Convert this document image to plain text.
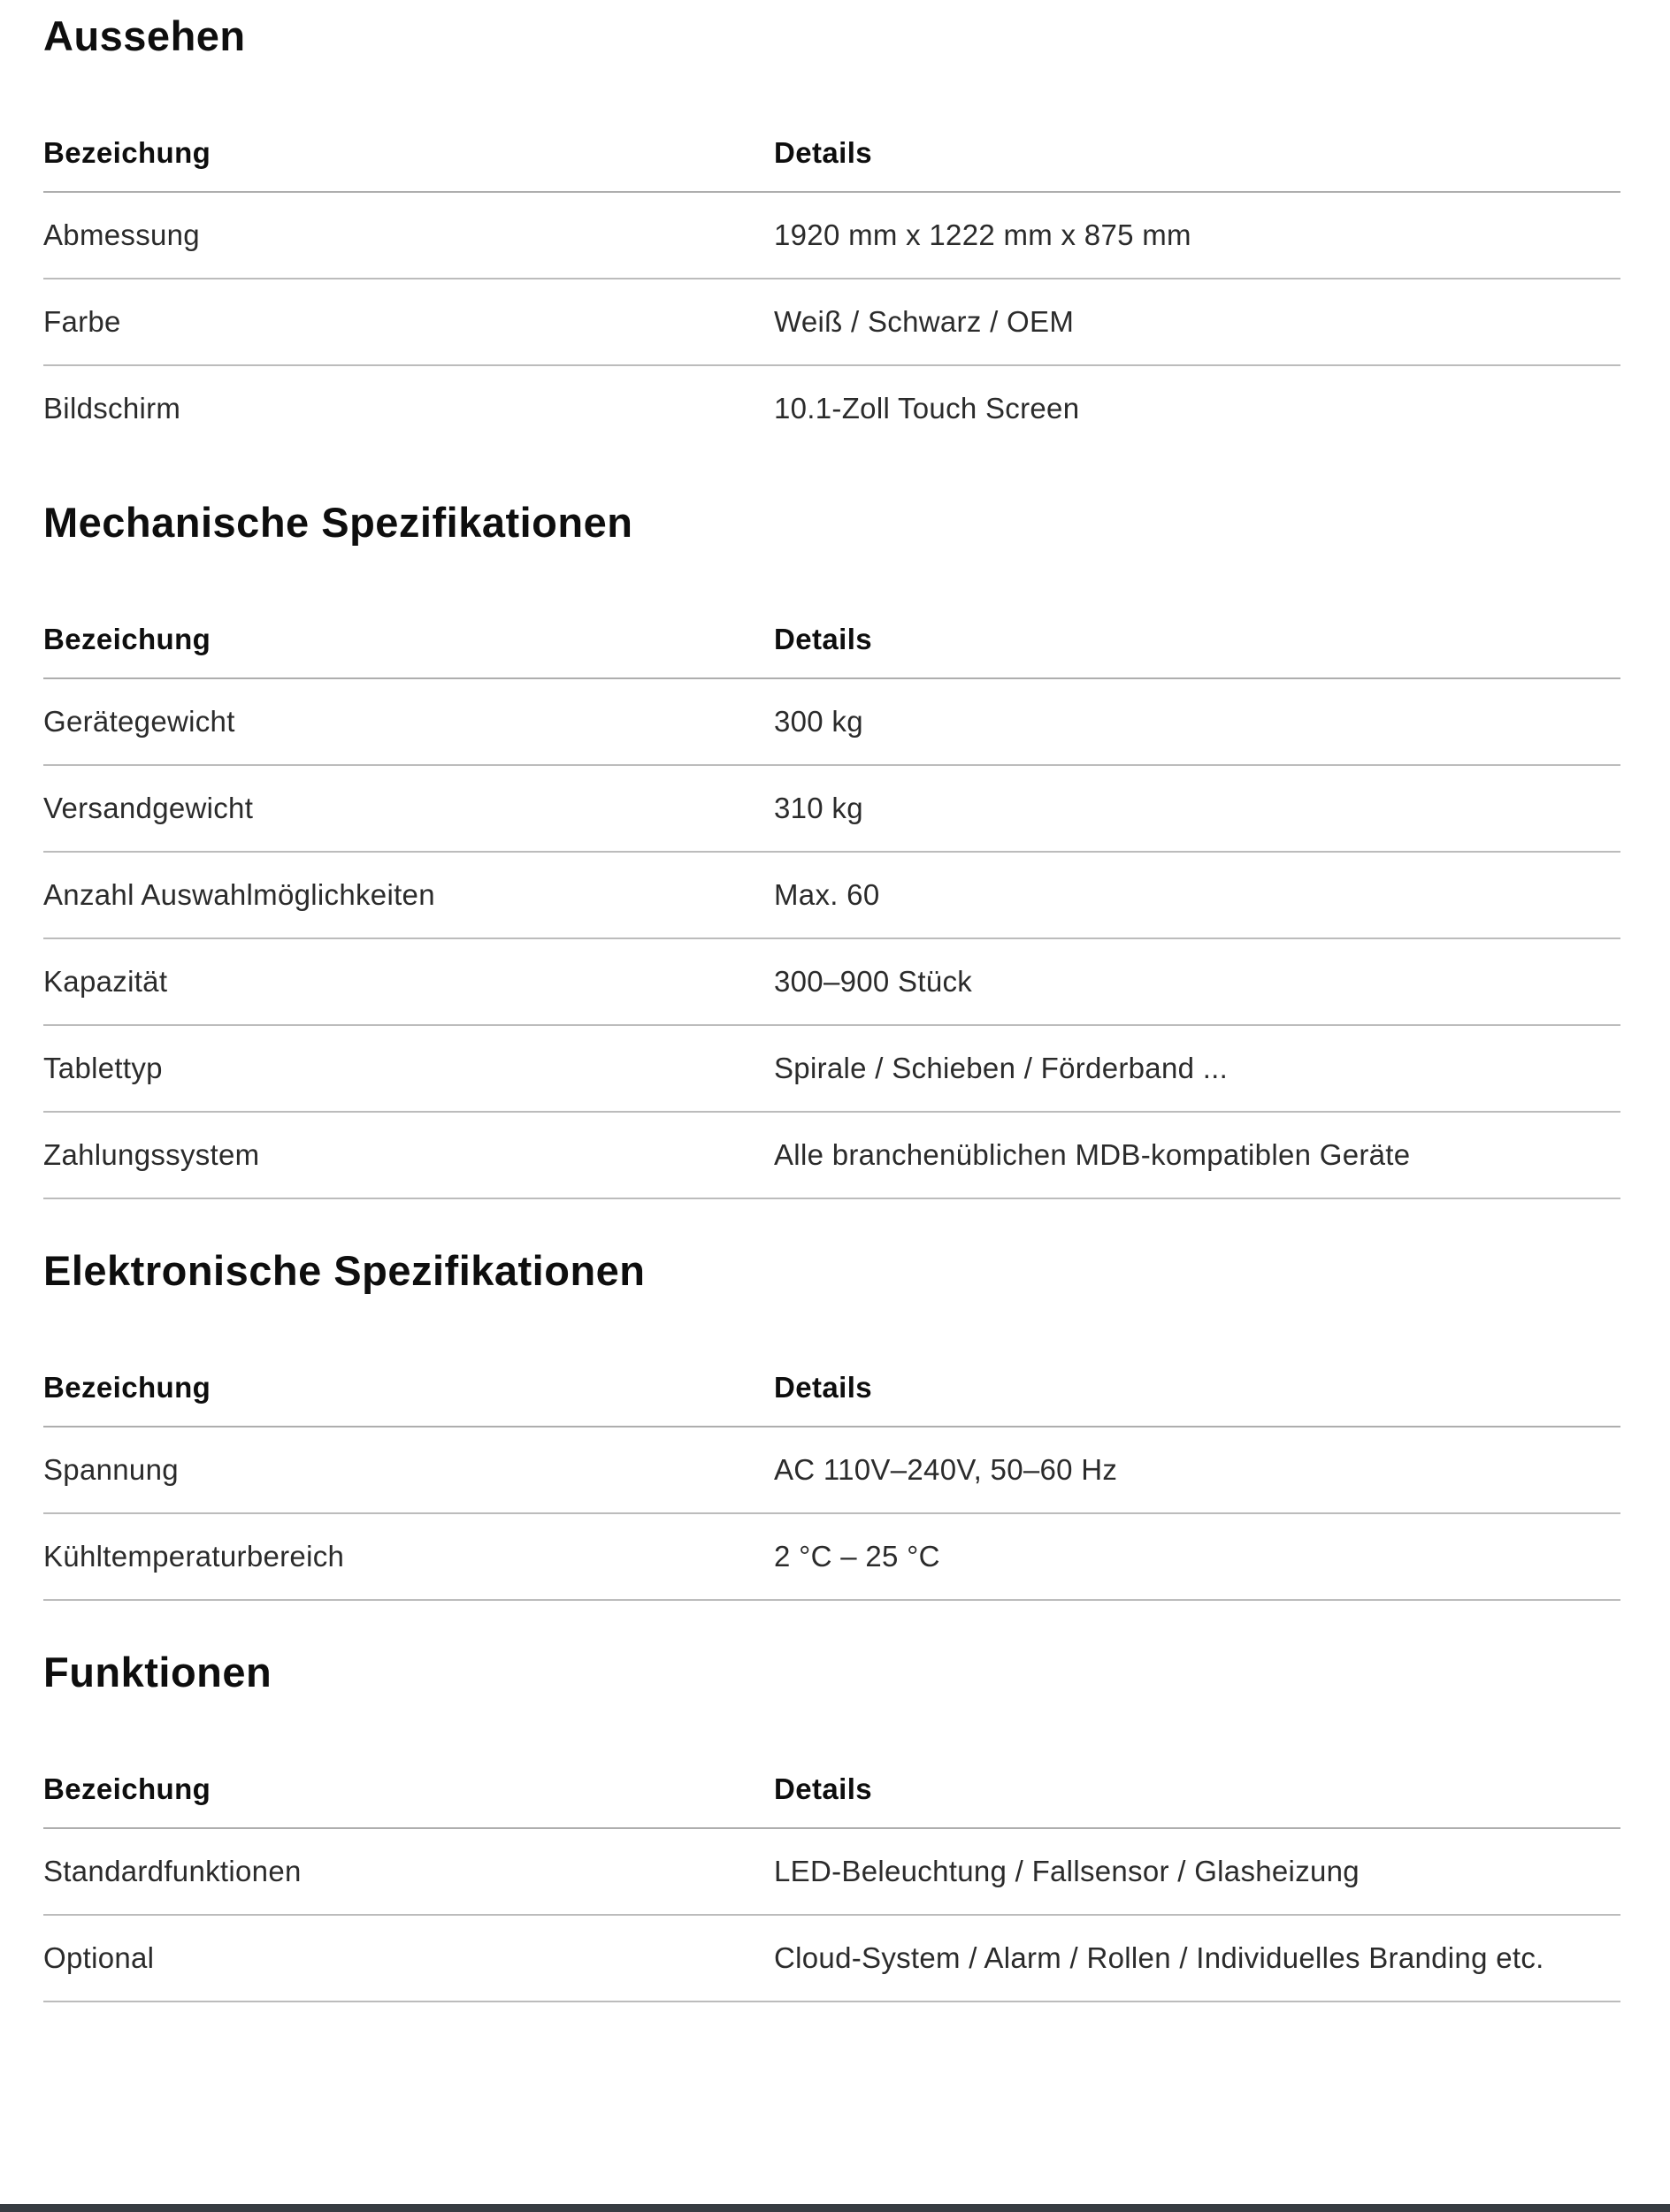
Aussehen
Bezeichung	Details
Abmessung	1920 mm x 1222 mm x 875 mm
Farbe	Weiß / Schwarz / OEM
Bildschirm	10.1-Zoll Touch Screen
Mechanische Spezifikationen
Bezeichung	Details
Gerätegewicht	300 kg
Versandgewicht	310 kg
Anzahl Auswahlmöglichkeiten	Max. 60
Kapazität	300–900 Stück
Tablettyp	Spirale / Schieben / Förderband ...
Zahlungssystem	Alle branchenüblichen MDB-kompatiblen Geräte
Elektronische Spezifikationen
Bezeichung	Details
Spannung	AC 110V–240V, 50–60 Hz
Kühltemperaturbereich	2 °C – 25 °C
Funktionen
Bezeichung	Details
Standardfunktionen	LED-Beleuchtung / Fallsensor / Glasheizung
Optional	Cloud-System / Alarm / Rollen / Individuelles Branding etc.
